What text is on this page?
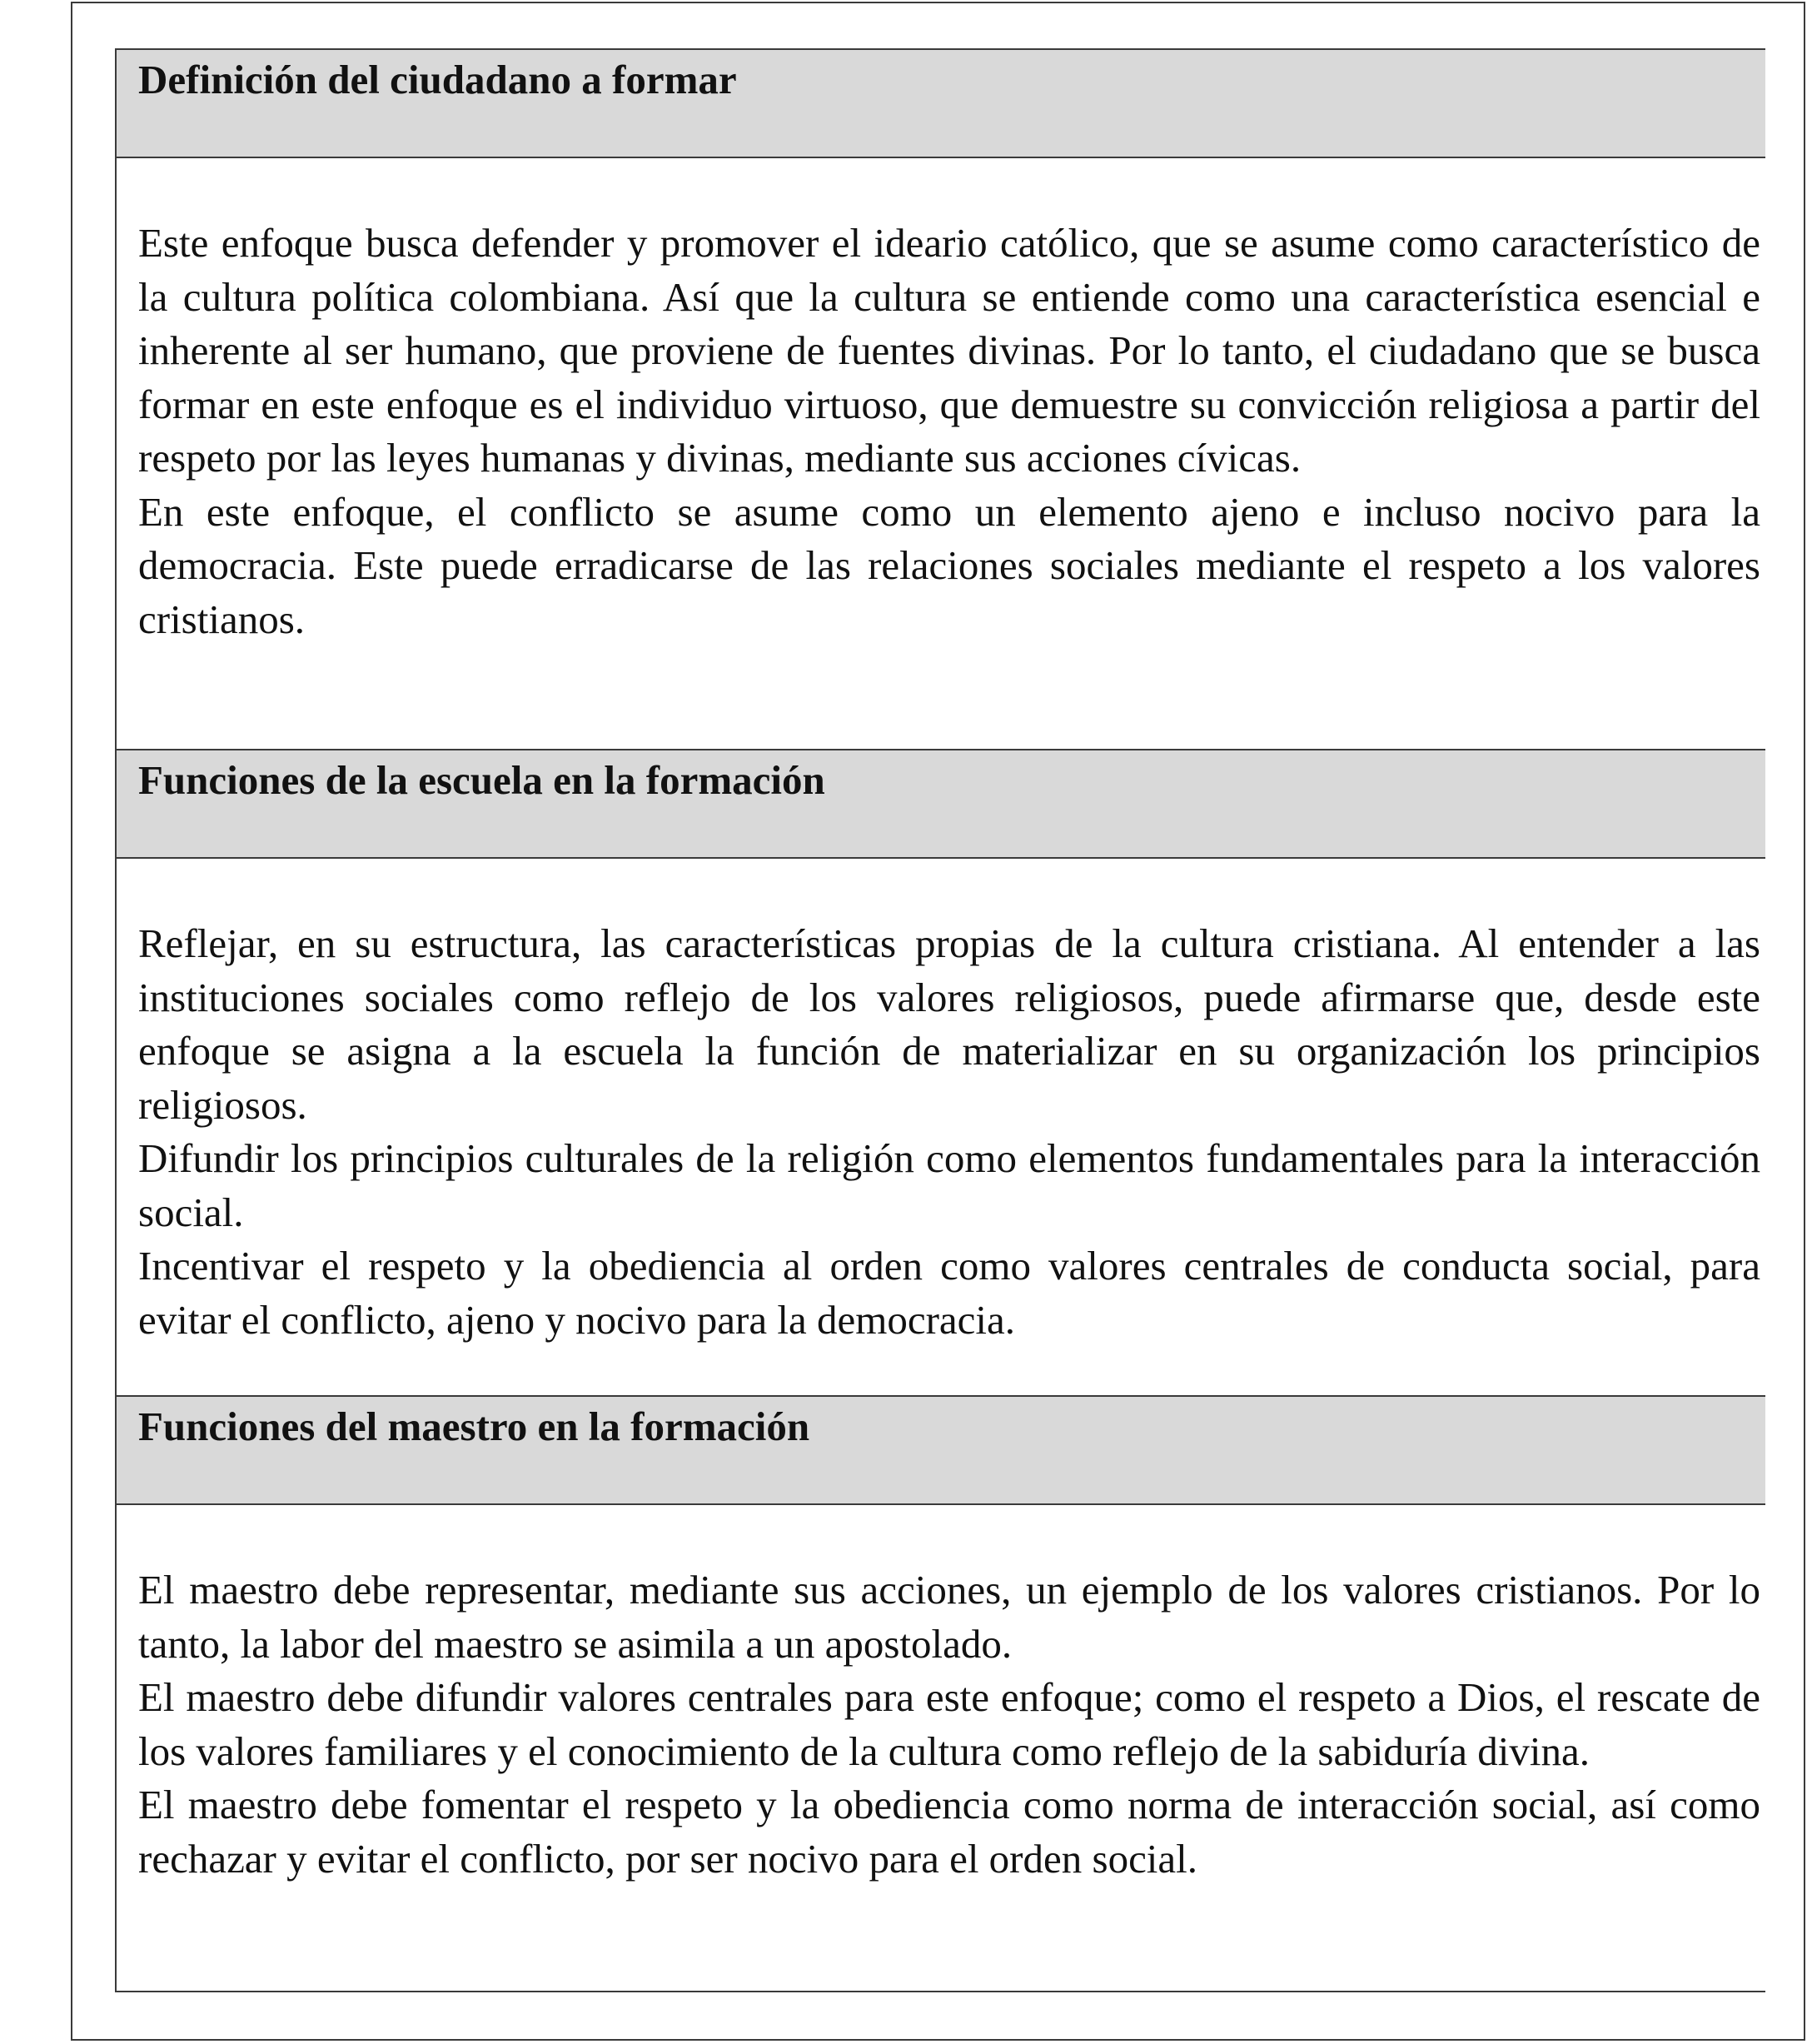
Definición del ciudadano a formar

Este enfoque busca defender y promover el ideario católico, que se asume como característico de la cultura política colombiana. Así que la cultura se entiende como una característica esencial e inherente al ser humano, que proviene de fuentes divinas. Por lo tanto, el ciudadano que se busca formar en este enfoque es el individuo virtuoso, que demuestre su convicción religiosa a partir del respeto por las leyes humanas y divinas, mediante sus acciones cívicas.

En este enfoque, el conflicto se asume como un elemento ajeno e incluso nocivo para la democracia. Este puede erradicarse de las relaciones sociales mediante el respeto a los valores cristianos.

Funciones de la escuela en la formación

Reflejar, en su estructura, las características propias de la cultura cristiana. Al entender a las instituciones sociales como reflejo de los valores religiosos, puede afirmarse que, desde este enfoque se asigna a la escuela la función de materializar en su organización los principios religiosos.

Difundir los principios culturales de la religión como elementos fundamentales para la interacción social.

Incentivar el respeto y la obediencia al orden como valores centrales de conducta social, para evitar el conflicto, ajeno y nocivo para la democracia.

Funciones del maestro en la formación

El maestro debe representar, mediante sus acciones, un ejemplo de los valores cristianos. Por lo tanto, la labor del maestro se asimila a un apostolado.

El maestro debe difundir valores centrales para este enfoque; como el respeto a Dios, el rescate de los valores familiares y el conocimiento de la cultura como reflejo de la sabiduría divina.

El maestro debe fomentar el respeto y la obediencia como norma de interacción social, así como rechazar y evitar el conflicto, por ser nocivo para el orden social.
